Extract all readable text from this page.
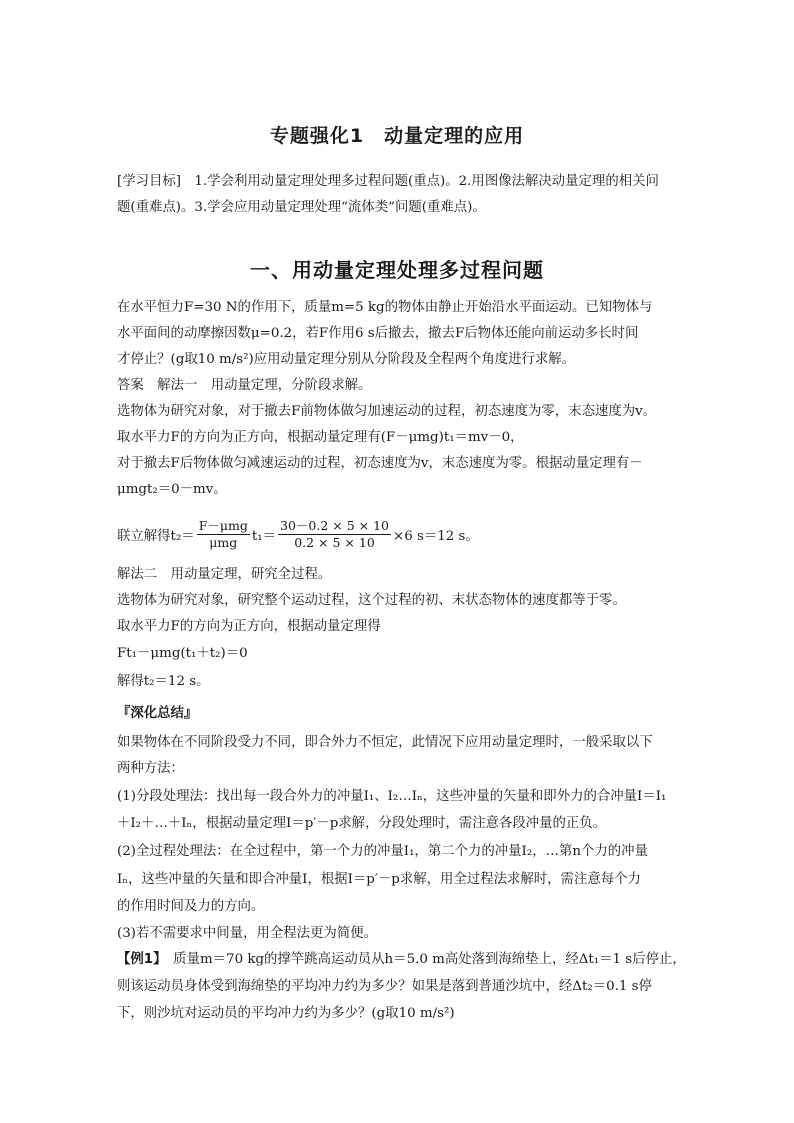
专题强化1　动量定理的应用
[学习目标]　1.学会利用动量定理处理多过程问题(重点)。2.用图像法解决动量定理的相关问
题(重难点)。3.学会应用动量定理处理“流体类”问题(重难点)。
一、用动量定理处理多过程问题
在水平恒力F=30 N的作用下，质量m=5 kg的物体由静止开始沿水平面运动。已知物体与
水平面间的动摩擦因数μ=0.2，若F作用6 s后撤去，撤去F后物体还能向前运动多长时间
才停止？(g取10 m/s²)应用动量定理分别从分阶段及全程两个角度进行求解。
答案　解法一　用动量定理，分阶段求解。
选物体为研究对象，对于撤去F前物体做匀加速运动的过程，初态速度为零，末态速度为v。
取水平力F的方向为正方向，根据动量定理有(F－μmg)t₁＝mv－0，
对于撤去F后物体做匀减速运动的过程，初态速度为v，末态速度为零。根据动量定理有－
μmgt₂＝0－mv。
联立解得$t_2= \frac{\text{F－μmg}}{\text{μmg}} t_1= \frac{30-0.2 \times 5 \times 10}{0.2 \times 5 \times 10} \times 6$ s＝12 s。
解法二　用动量定理，研究全过程。
选物体为研究对象，研究整个运动过程，这个过程的初、末状态物体的速度都等于零。
取水平力F的方向为正方向，根据动量定理得
Ft₁－μmg(t₁＋t₂)＝0
解得t₂＝12 s。
『深化总结』
如果物体在不同阶段受力不同，即合外力不恒定，此情况下应用动量定理时，一般采取以下
两种方法：
(1)分段处理法：找出每一段合外力的冲量I₁、I₂…Iₙ，这些冲量的矢量和即外力的合冲量I＝I₁
＋I₂＋…＋Iₙ，根据动量定理I＝p′－p求解，分段处理时，需注意各段冲量的正负。
(2)全过程处理法：在全过程中，第一个力的冲量I₁，第二个力的冲量I₂，…第n个力的冲量
Iₙ，这些冲量的矢量和即合冲量I，根据I＝p′－p求解，用全过程法求解时，需注意每个力
的作用时间及力的方向。
(3)若不需要求中间量，用全程法更为简便。
【例1】　质量m＝70 kg的撑竿跳高运动员从h＝5.0 m高处落到海绵垫上，经Δt₁＝1 s后停止，
则该运动员身体受到海绵垫的平均冲力约为多少？如果是落到普通沙坑中，经Δt₂＝0.1 s停
下，则沙坑对运动员的平均冲力约为多少？(g取10 m/s²)
